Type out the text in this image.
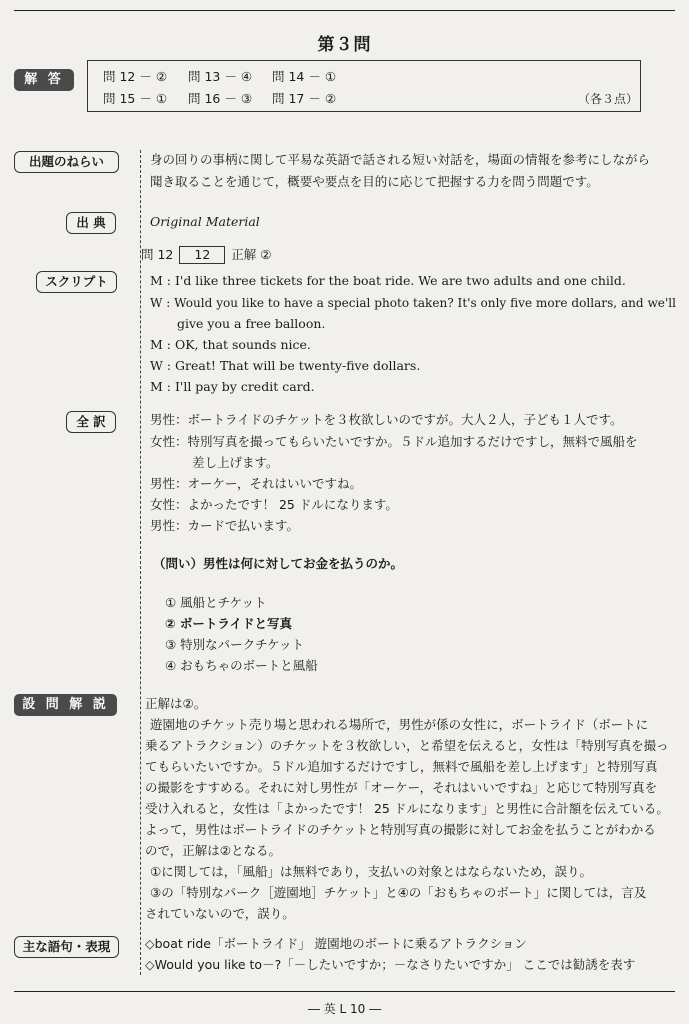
第３問
解 答	問 12 － ② 問 13 － ④ 問 14 － ①
問 15 － ① 問 16 － ③ 問 17 － ②	（各３点）
出題のねらい	身の回りの事柄に関して平易な英語で話される短い対話を，場面の情報を参考にしながら
聞き取ることを通じて，概要や要点を目的に応じて把握する力を問う問題です。
出 典	Original Material
問 12 12 正解 ②
スクリプト	M : I'd like three tickets for the boat ride. We are two adults and one child.
W : Would you like to have a special photo taken? It's only five more dollars, and we'll
give you a free balloon.
M : OK, that sounds nice.
W : Great! That will be twenty-five dollars.
M : I'll pay by credit card.
全 訳	男性：ボートライドのチケットを３枚欲しいのですが。大人２人，子ども１人です。
女性：特別写真を撮ってもらいたいですか。５ドル追加するだけですし，無料で風船を
差し上げます。
男性：オーケー，それはいいですね。
女性：よかったです！ 25 ドルになります。
男性：カードで払います。
（問い）男性は何に対してお金を払うのか。
① 風船とチケット
② ボートライドと写真
③ 特別なパークチケット
④ おもちゃのボートと風船
設 問 解 説	正解は②。
遊園地のチケット売り場と思われる場所で，男性が係の女性に，ボートライド（ボートに
乗るアトラクション）のチケットを３枚欲しい，と希望を伝えると，女性は「特別写真を撮っ
てもらいたいですか。５ドル追加するだけですし，無料で風船を差し上げます」と特別写真
の撮影をすすめる。それに対し男性が「オーケー，それはいいですね」と応じて特別写真を
受け入れると，女性は「よかったです！ 25 ドルになります」と男性に合計額を伝えている。
よって，男性はボートライドのチケットと特別写真の撮影に対してお金を払うことがわかる
ので，正解は②となる。
①に関しては，「風船」は無料であり，支払いの対象とはならないため，誤り。
③の「特別なパーク［遊園地］チケット」と④の「おもちゃのボート」に関しては，言及
されていないので，誤り。
主な語句・表現	◇boat ride「ボートライド」 遊園地のボートに乗るアトラクション
◇Would you like to－?「－したいですか；－なさりたいですか」 ここでは勧誘を表す
― 英 L 10 ―
